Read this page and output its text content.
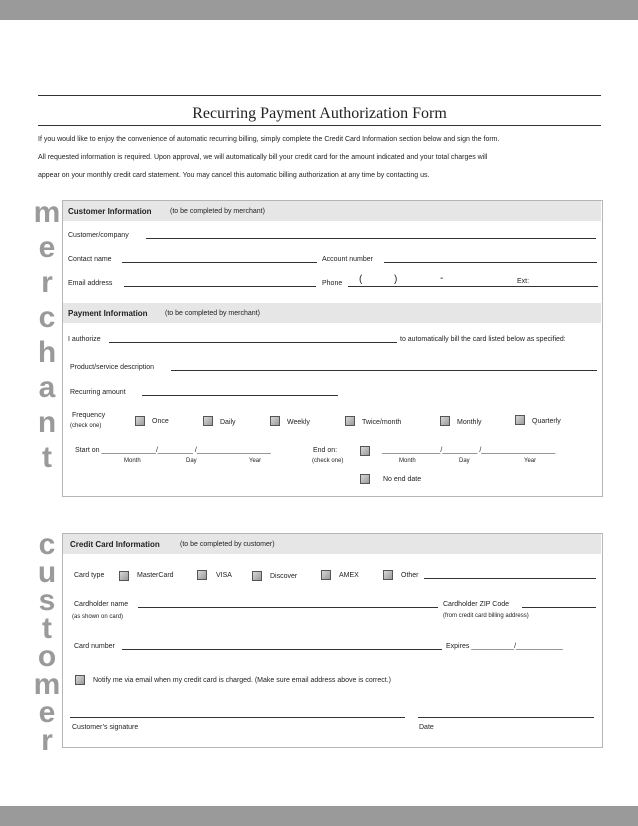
Recurring Payment Authorization Form
If you would like to enjoy the convenience of automatic recurring billing, simply complete the Credit Card Information section below and sign the form.
All requested information is required. Upon approval, we will automatically bill your credit card for the amount indicated and your total charges will
appear on your monthly credit card statement. You may cancel this automatic billing authorization at any time by contacting us.
m
e
r
c
h
a
n
t
c
u
s
t
o
m
e
r
Customer Information	(to be completed by merchant)
Customer/company
Contact name	Account number
Email address	Phone (	)	-	Ext:
Payment Information (to be completed by merchant)
I authorize	to automatically bill the card listed below as specified:
Product/service description
Recurring amount
Frequency
(check one)
Once	Daily	Weekly	Twice/month	Monthly	Quarterly
Start on ______________/_________ /___________________
Month	Day	Year
End on:
(check one)
_______________/_________ /___________________
Month	Day	Year
No end date
Credit Card Information	(to be completed by customer)
Card type	MasterCard	VISA	Discover	AMEX	Other
Cardholder name
(as shown on card)
Cardholder ZIP Code
(from credit card billing address)
Card number	Expires ___________/____________
Notify me via email when my credit card is charged. (Make sure email address above is correct.)
Customer’s signature	Date
